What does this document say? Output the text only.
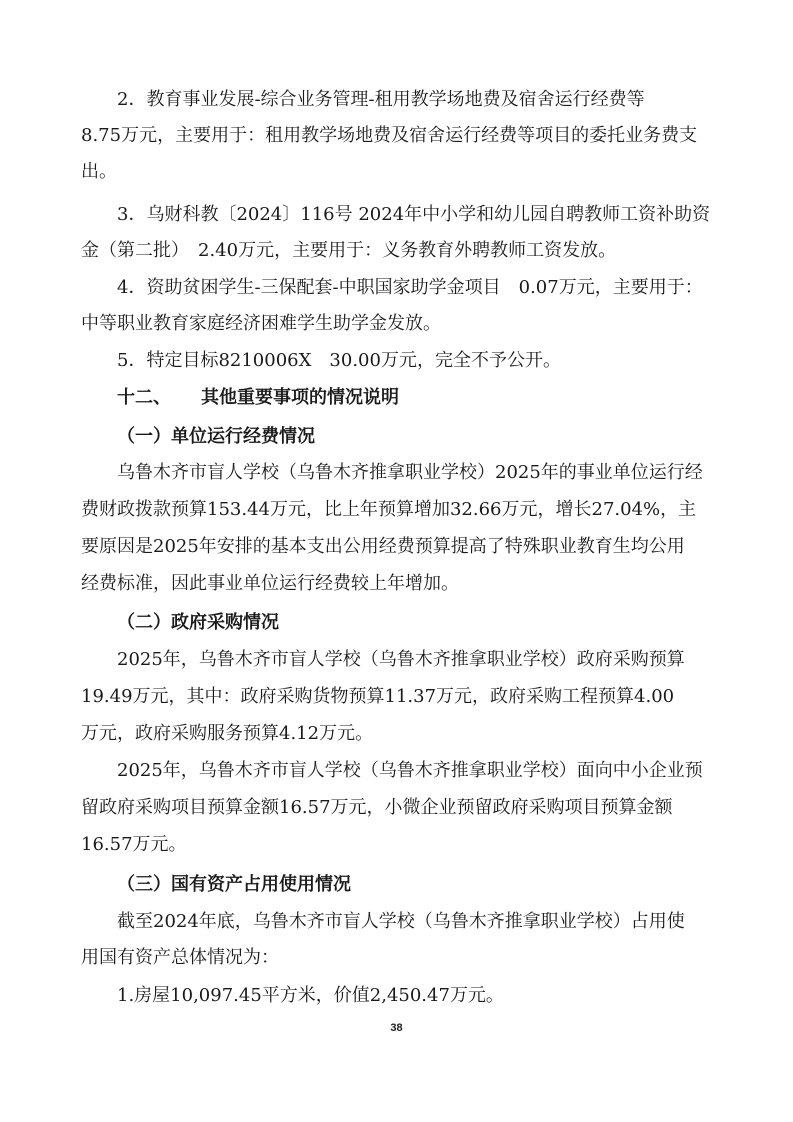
2．教育事业发展-综合业务管理-租用教学场地费及宿舍运行经费等

8.75万元，主要用于：租用教学场地费及宿舍运行经费等项目的委托业务费支

出。

3．乌财科教〔2024〕116号 2024年中小学和幼儿园自聘教师工资补助资

金（第二批）　2.40万元，主要用于：义务教育外聘教师工资发放。

4．资助贫困学生-三保配套-中职国家助学金项目　0.07万元，主要用于：

中等职业教育家庭经济困难学生助学金发放。

5．特定目标8210006X　30.00万元，完全不予公开。

十二、 其他重要事项的情况说明

（一）单位运行经费情况

乌鲁木齐市盲人学校（乌鲁木齐推拿职业学校）2025年的事业单位运行经

费财政拨款预算153.44万元，比上年预算增加32.66万元，增长27.04%，主

要原因是2025年安排的基本支出公用经费预算提高了特殊职业教育生均公用

经费标准，因此事业单位运行经费较上年增加。

（二）政府采购情况

2025年，乌鲁木齐市盲人学校（乌鲁木齐推拿职业学校）政府采购预算

19.49万元，其中：政府采购货物预算11.37万元，政府采购工程预算4.00

万元，政府采购服务预算4.12万元。

2025年，乌鲁木齐市盲人学校（乌鲁木齐推拿职业学校）面向中小企业预

留政府采购项目预算金额16.57万元，小微企业预留政府采购项目预算金额

16.57万元。

（三）国有资产占用使用情况

截至2024年底，乌鲁木齐市盲人学校（乌鲁木齐推拿职业学校）占用使

用国有资产总体情况为：

1.房屋10,097.45平方米，价值2,450.47万元。

38
